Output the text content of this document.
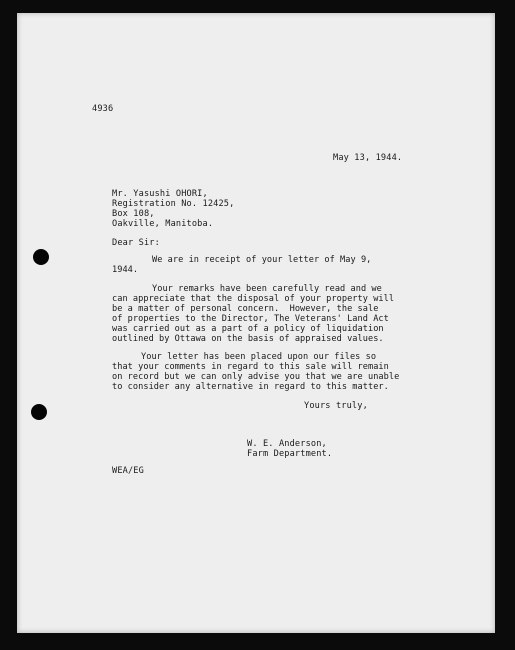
4936
May 13, 1944.
Mr. Yasushi OHORI,
Registration No. 12425,
Box 108,
Oakville, Manitoba.
Dear Sir:
We are in receipt of your letter of May 9,
1944.
Your remarks have been carefully read and we
can appreciate that the disposal of your property will
be a matter of personal concern.  However, the sale
of properties to the Director, The Veterans' Land Act
was carried out as a part of a policy of liquidation
outlined by Ottawa on the basis of appraised values.
Your letter has been placed upon our files so
that your comments in regard to this sale will remain
on record but we can only advise you that we are unable
to consider any alternative in regard to this matter.
Yours truly,
W. E. Anderson,
Farm Department.
WEA/EG
